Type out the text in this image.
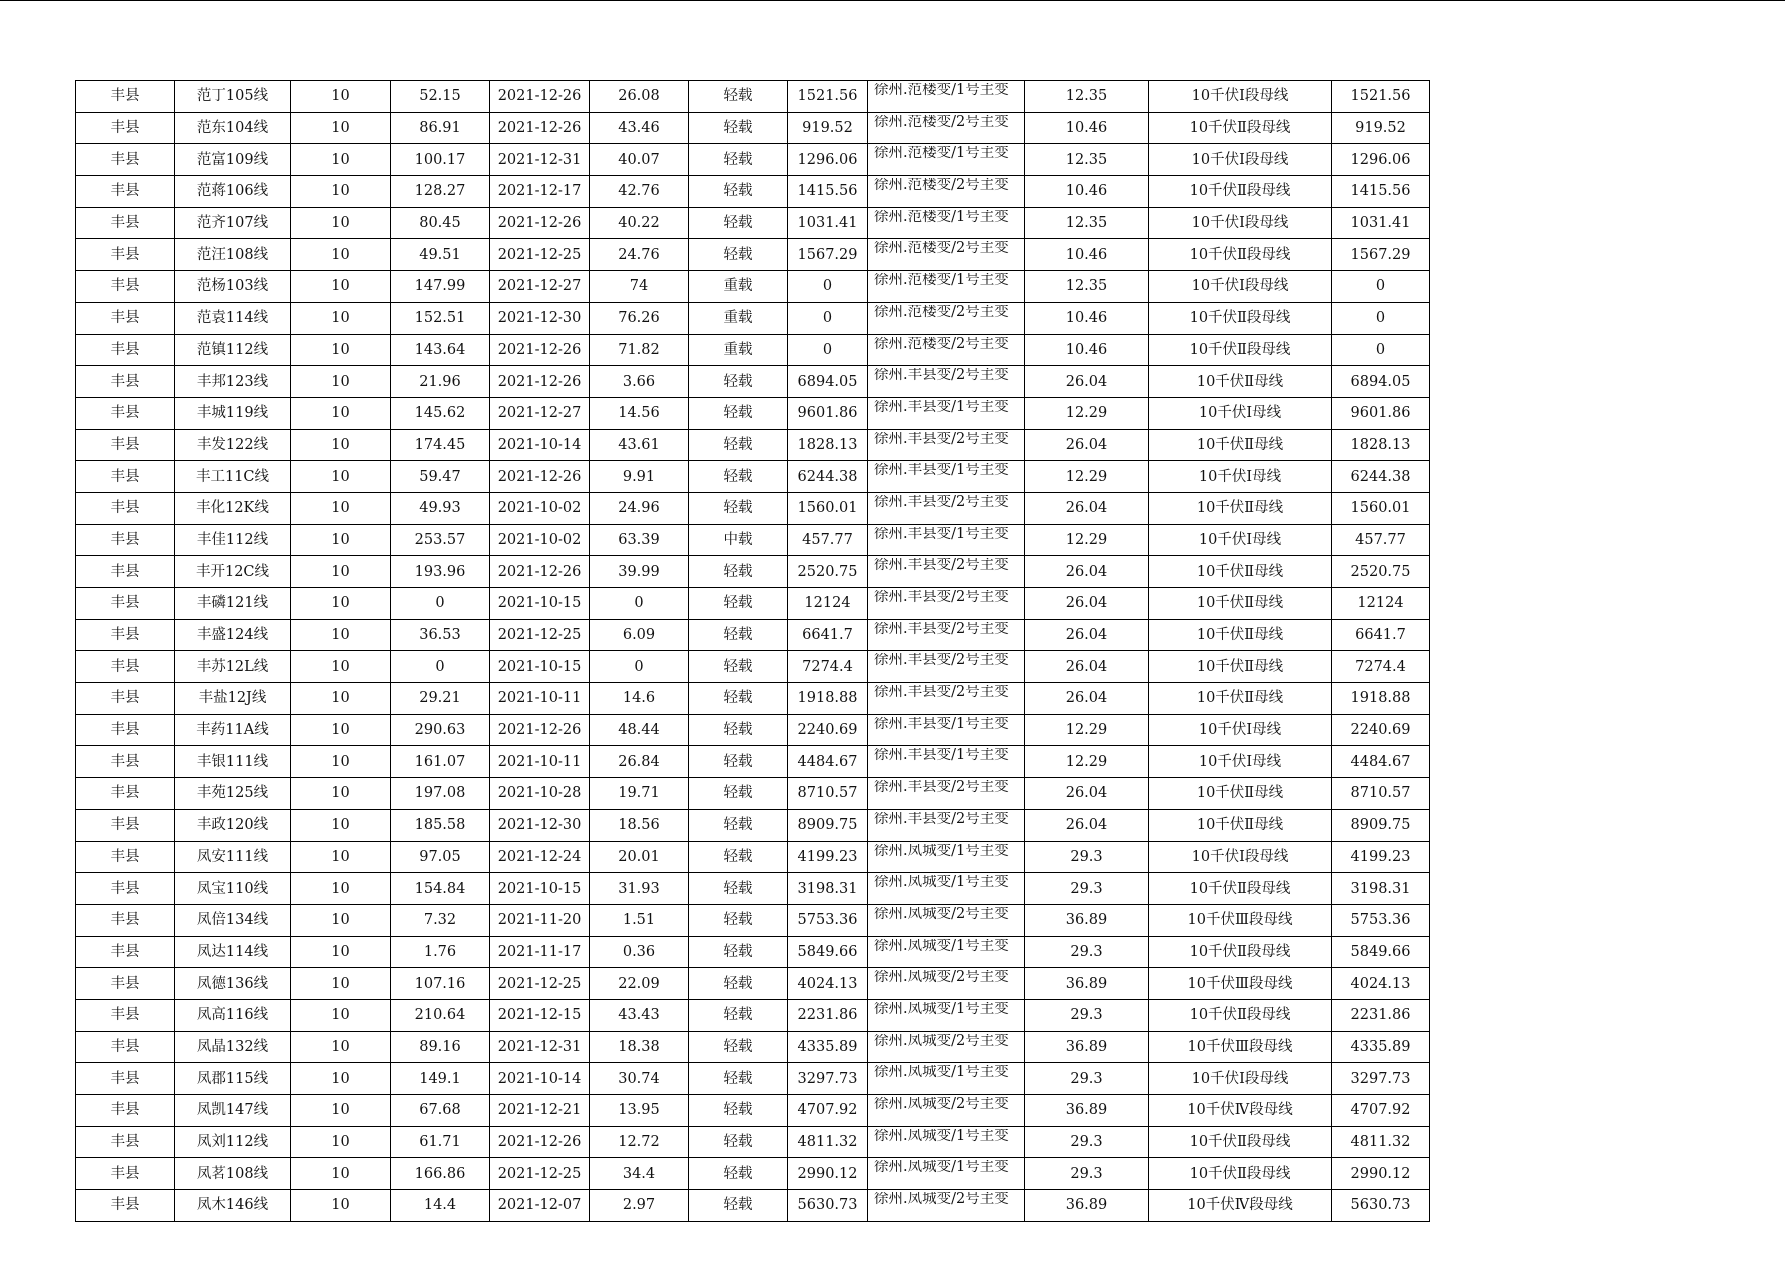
丰县	范丁105线	10	52.15	2021-12-26	26.08	轻载	1521.56	徐州.范楼变/1号主变	12.35	10千伏Ⅰ段母线	1521.56
丰县	范东104线	10	86.91	2021-12-26	43.46	轻载	919.52	徐州.范楼变/2号主变	10.46	10千伏Ⅱ段母线	919.52
丰县	范富109线	10	100.17	2021-12-31	40.07	轻载	1296.06	徐州.范楼变/1号主变	12.35	10千伏Ⅰ段母线	1296.06
丰县	范蒋106线	10	128.27	2021-12-17	42.76	轻载	1415.56	徐州.范楼变/2号主变	10.46	10千伏Ⅱ段母线	1415.56
丰县	范齐107线	10	80.45	2021-12-26	40.22	轻载	1031.41	徐州.范楼变/1号主变	12.35	10千伏Ⅰ段母线	1031.41
丰县	范汪108线	10	49.51	2021-12-25	24.76	轻载	1567.29	徐州.范楼变/2号主变	10.46	10千伏Ⅱ段母线	1567.29
丰县	范杨103线	10	147.99	2021-12-27	74	重载	0	徐州.范楼变/1号主变	12.35	10千伏Ⅰ段母线	0
丰县	范袁114线	10	152.51	2021-12-30	76.26	重载	0	徐州.范楼变/2号主变	10.46	10千伏Ⅱ段母线	0
丰县	范镇112线	10	143.64	2021-12-26	71.82	重载	0	徐州.范楼变/2号主变	10.46	10千伏Ⅱ段母线	0
丰县	丰邦123线	10	21.96	2021-12-26	3.66	轻载	6894.05	徐州.丰县变/2号主变	26.04	10千伏Ⅱ母线	6894.05
丰县	丰城119线	10	145.62	2021-12-27	14.56	轻载	9601.86	徐州.丰县变/1号主变	12.29	10千伏Ⅰ母线	9601.86
丰县	丰发122线	10	174.45	2021-10-14	43.61	轻载	1828.13	徐州.丰县变/2号主变	26.04	10千伏Ⅱ母线	1828.13
丰县	丰工11C线	10	59.47	2021-12-26	9.91	轻载	6244.38	徐州.丰县变/1号主变	12.29	10千伏Ⅰ母线	6244.38
丰县	丰化12K线	10	49.93	2021-10-02	24.96	轻载	1560.01	徐州.丰县变/2号主变	26.04	10千伏Ⅱ母线	1560.01
丰县	丰佳112线	10	253.57	2021-10-02	63.39	中载	457.77	徐州.丰县变/1号主变	12.29	10千伏Ⅰ母线	457.77
丰县	丰开12C线	10	193.96	2021-12-26	39.99	轻载	2520.75	徐州.丰县变/2号主变	26.04	10千伏Ⅱ母线	2520.75
丰县	丰磷121线	10	0	2021-10-15	0	轻载	12124	徐州.丰县变/2号主变	26.04	10千伏Ⅱ母线	12124
丰县	丰盛124线	10	36.53	2021-12-25	6.09	轻载	6641.7	徐州.丰县变/2号主变	26.04	10千伏Ⅱ母线	6641.7
丰县	丰苏12L线	10	0	2021-10-15	0	轻载	7274.4	徐州.丰县变/2号主变	26.04	10千伏Ⅱ母线	7274.4
丰县	丰盐12J线	10	29.21	2021-10-11	14.6	轻载	1918.88	徐州.丰县变/2号主变	26.04	10千伏Ⅱ母线	1918.88
丰县	丰药11A线	10	290.63	2021-12-26	48.44	轻载	2240.69	徐州.丰县变/1号主变	12.29	10千伏Ⅰ母线	2240.69
丰县	丰银111线	10	161.07	2021-10-11	26.84	轻载	4484.67	徐州.丰县变/1号主变	12.29	10千伏Ⅰ母线	4484.67
丰县	丰苑125线	10	197.08	2021-10-28	19.71	轻载	8710.57	徐州.丰县变/2号主变	26.04	10千伏Ⅱ母线	8710.57
丰县	丰政120线	10	185.58	2021-12-30	18.56	轻载	8909.75	徐州.丰县变/2号主变	26.04	10千伏Ⅱ母线	8909.75
丰县	凤安111线	10	97.05	2021-12-24	20.01	轻载	4199.23	徐州.凤城变/1号主变	29.3	10千伏Ⅰ段母线	4199.23
丰县	凤宝110线	10	154.84	2021-10-15	31.93	轻载	3198.31	徐州.凤城变/1号主变	29.3	10千伏Ⅱ段母线	3198.31
丰县	凤倍134线	10	7.32	2021-11-20	1.51	轻载	5753.36	徐州.凤城变/2号主变	36.89	10千伏Ⅲ段母线	5753.36
丰县	凤达114线	10	1.76	2021-11-17	0.36	轻载	5849.66	徐州.凤城变/1号主变	29.3	10千伏Ⅱ段母线	5849.66
丰县	凤德136线	10	107.16	2021-12-25	22.09	轻载	4024.13	徐州.凤城变/2号主变	36.89	10千伏Ⅲ段母线	4024.13
丰县	凤高116线	10	210.64	2021-12-15	43.43	轻载	2231.86	徐州.凤城变/1号主变	29.3	10千伏Ⅱ段母线	2231.86
丰县	凤晶132线	10	89.16	2021-12-31	18.38	轻载	4335.89	徐州.凤城变/2号主变	36.89	10千伏Ⅲ段母线	4335.89
丰县	凤郡115线	10	149.1	2021-10-14	30.74	轻载	3297.73	徐州.凤城变/1号主变	29.3	10千伏Ⅰ段母线	3297.73
丰县	凤凯147线	10	67.68	2021-12-21	13.95	轻载	4707.92	徐州.凤城变/2号主变	36.89	10千伏Ⅳ段母线	4707.92
丰县	凤刘112线	10	61.71	2021-12-26	12.72	轻载	4811.32	徐州.凤城变/1号主变	29.3	10千伏Ⅱ段母线	4811.32
丰县	凤茗108线	10	166.86	2021-12-25	34.4	轻载	2990.12	徐州.凤城变/1号主变	29.3	10千伏Ⅱ段母线	2990.12
丰县	凤木146线	10	14.4	2021-12-07	2.97	轻载	5630.73	徐州.凤城变/2号主变	36.89	10千伏Ⅳ段母线	5630.73
